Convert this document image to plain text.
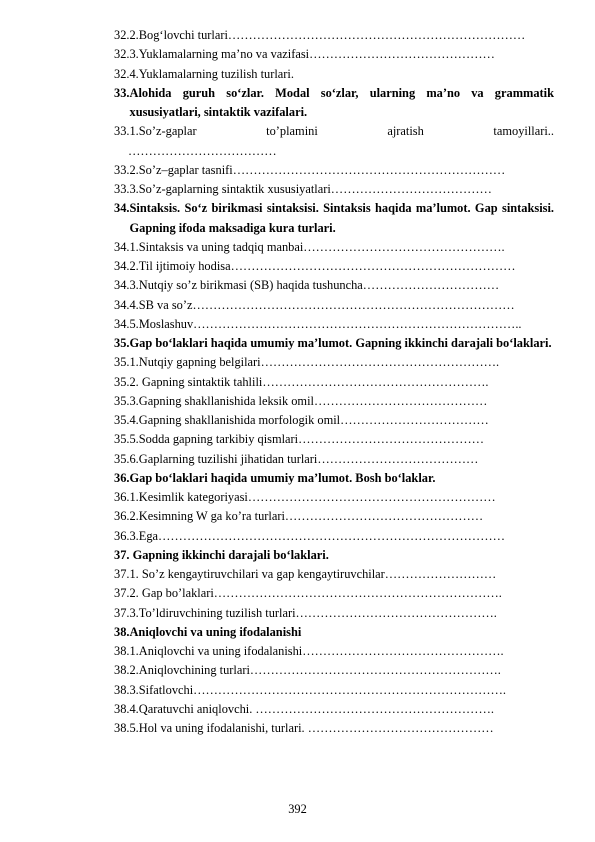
32.2.Bog‘lovchi turlari………………………………………………………………
32.3.Yuklamalarning ma’no va vazifasi………………………………………
32.4.Yuklamalarning tuzilish turlari.
33. Alohida guruh so‘zlar. Modal so‘zlar, ularning ma’no va grammatik xususiyatlari, sintaktik vazifalari.
33.1.So’z-gaplar	to’plamini	ajratish	tamoyillari..
………………………………
33.2.So’z–gaplar tasnifi…………………………………………………………
33.3.So’z-gaplarning sintaktik xususiyatlari…………………………………
34. Sintaksis. So‘z birikmasi sintaksisi. Sintaksis haqida ma’lumot. Gap sintaksisi. Gapning ifoda maksadiga kura turlari.
34.1.Sintaksis va uning tadqiq manbai………………………………………….
34.2.Til ijtimoiy hodisa……………………………………………………………
34.3.Nutqiy so’z birikmasi (SB) haqida tushuncha……………………………
34.4.SB va so’z……………………………………………………………………
34.5.Moslashuv……………………………………………………………………..
35. Gap bo‘laklari haqida umumiy ma’lumot. Gapning ikkinchi darajali bo‘laklari.
35.1.Nutqiy gapning belgilari………………………………………………….
35.2. Gapning sintaktik tahlili……………………………………………….
35.3.Gapning shakllanishida leksik omil……………………………………
35.4.Gapning shakllanishida morfologik omil………………………………
35.5.Sodda gapning tarkibiy qismlari………………………………………
35.6.Gaplarning tuzilishi jihatidan turlari…………………………………
36.Gap bo‘laklari haqida umumiy ma’lumot. Bosh bo‘laklar.
36.1.Kesimlik kategoriyasi……………………………………………………
36.2.Kesimning W ga ko’ra turlari…………………………………………
36.3.Ega…………………………………………………………………………
37. Gapning ikkinchi darajali bo‘laklari.
37.1. So’z kengaytiruvchilari va gap kengaytiruvchilar………………………
37.2. Gap bo’laklari…………………………………………………………….
37.3.To’ldiruvchining tuzilish turlari………………………………………….
38.Aniqlovchi va uning ifodalanishi
38.1.Aniqlovchi va uning ifodalanishi………………………………………….
38.2.Aniqlovchining turlari…………………………………………………….
38.3.Sifatlovchi………………………………………………………………….
38.4.Qaratuvchi aniqlovchi. ………………………………………………….
38.5.Hol va uning ifodalanishi, turlari. ………………………………………
392
